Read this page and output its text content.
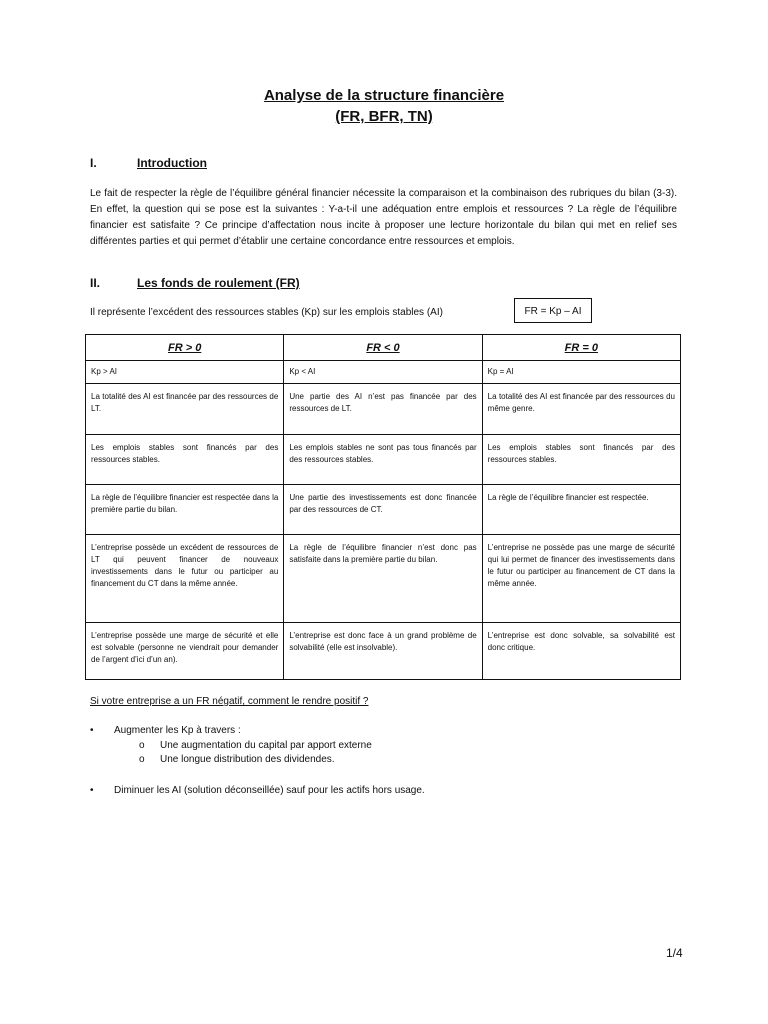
Analyse de la structure financière
(FR, BFR, TN)
I.	Introduction
Le fait de respecter la règle de l’équilibre général financier nécessite la comparaison et la combinaison des rubriques du bilan (3-3). En effet, la question qui se pose est la suivantes : Y-a-t-il une adéquation entre emplois et ressources ? La règle de l’équilibre financier est satisfaite ? Ce principe d’affectation nous incite à proposer une lecture horizontale du bilan qui met en relief ses différentes parties et qui permet d’établir une certaine concordance entre ressources et emplois.
II.	Les fonds de roulement (FR)
Il représente l’excédent des ressources stables (Kp) sur les emplois stables (AI)	FR = Kp – AI
FR > 0	FR < 0	FR = 0
Kp > AI	Kp < AI	Kp = AI

La totalité des AI est financée par des ressources de LT.	Une partie des AI n’est pas financée par des ressources de LT.	La totalité des AI est financée par des ressources du même genre.

Les emplois stables sont financés par des ressources stables.	Les emplois stables ne sont pas tous financés par des ressources stables.	Les emplois stables sont financés par des ressources stables.

La règle de l’équilibre financier est respectée dans la première partie du bilan.	Une partie des investissements est donc financée par des ressources de CT.	La règle de l’équilibre financier est respectée.

L’entreprise possède un excédent de ressources de LT qui peuvent financer de nouveaux investissements dans le futur ou participer au financement du CT dans la même année.	La règle de l’équilibre financier n’est donc pas satisfaite dans la première partie du bilan.	L’entreprise ne possède pas une marge de sécurité qui lui permet de financer des investissements dans le futur ou participer au financement de CT dans la même année.

L’entreprise possède une marge de sécurité et elle est solvable (personne ne viendrait pour demander de l’argent d’ici d’un an).	L’entreprise est donc face à un grand problème de solvabilité (elle est insolvable).	L’entreprise est donc solvable, sa solvabilité est donc critique.
Si votre entreprise a un FR négatif, comment le rendre positif ?
• Augmenter les Kp à travers :
o Une augmentation du capital par apport externe
o Une longue distribution des dividendes.
• Diminuer les AI (solution déconseillée) sauf pour les actifs hors usage.
1/4
